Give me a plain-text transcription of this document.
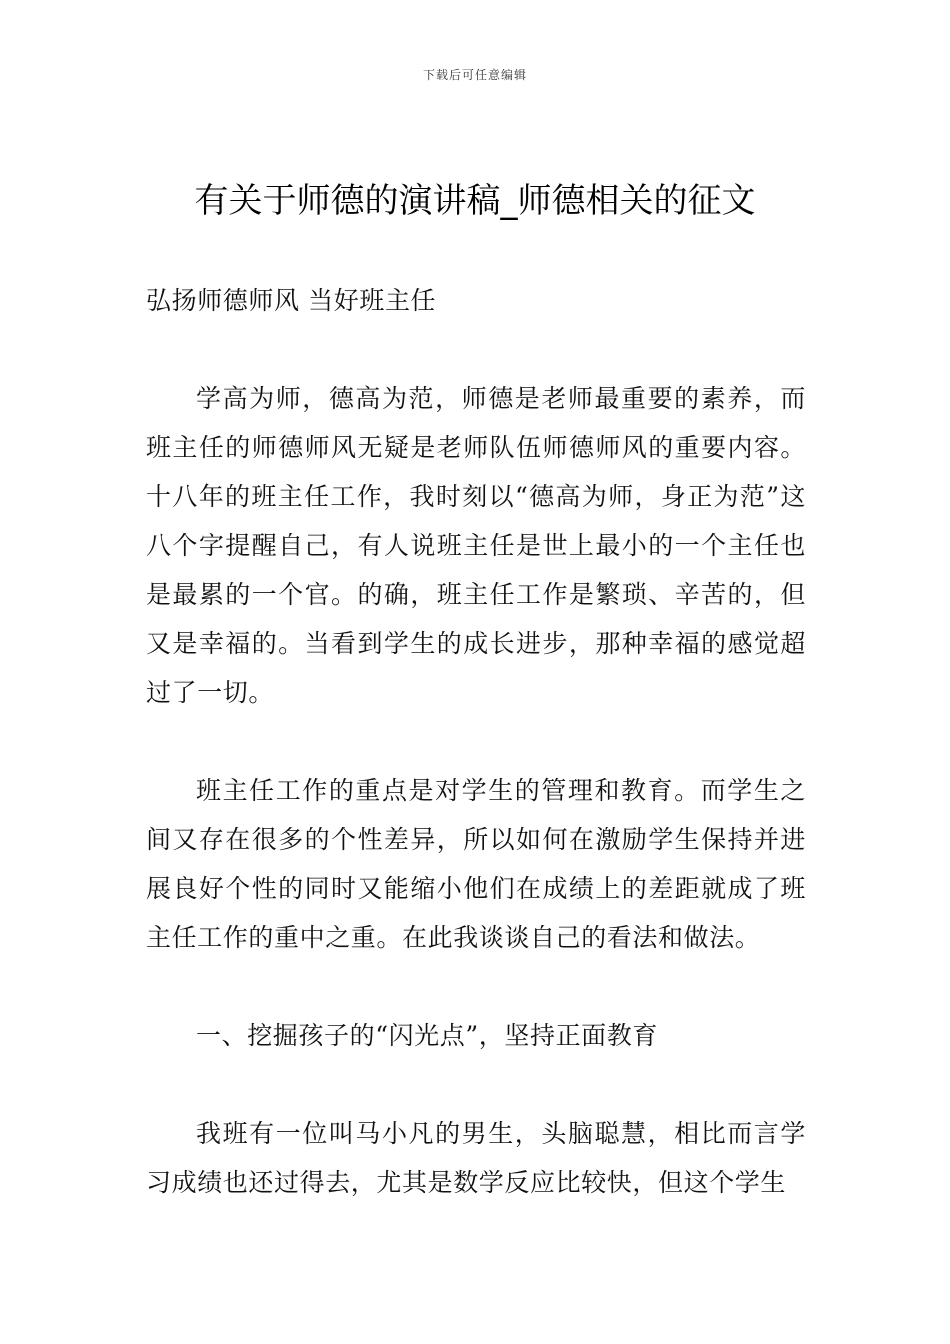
下载后可任意编辑
有关于师德的演讲稿_师德相关的征文

弘扬师德师风 当好班主任

学高为师，德高为范，师德是老师最重要的素养，而班主任的师德师风无疑是老师队伍师德师风的重要内容。十八年的班主任工作，我时刻以“德高为师，身正为范”这八个字提醒自己，有人说班主任是世上最小的一个主任也是最累的一个官。的确，班主任工作是繁琐、辛苦的，但又是幸福的。当看到学生的成长进步，那种幸福的感觉超过了一切。

班主任工作的重点是对学生的管理和教育。而学生之间又存在很多的个性差异，所以如何在激励学生保持并进展良好个性的同时又能缩小他们在成绩上的差距就成了班主任工作的重中之重。在此我谈谈自己的看法和做法。

一、挖掘孩子的“闪光点”，坚持正面教育

我班有一位叫马小凡的男生，头脑聪慧，相比而言学习成绩也还过得去，尤其是数学反应比较快，但这个学生
